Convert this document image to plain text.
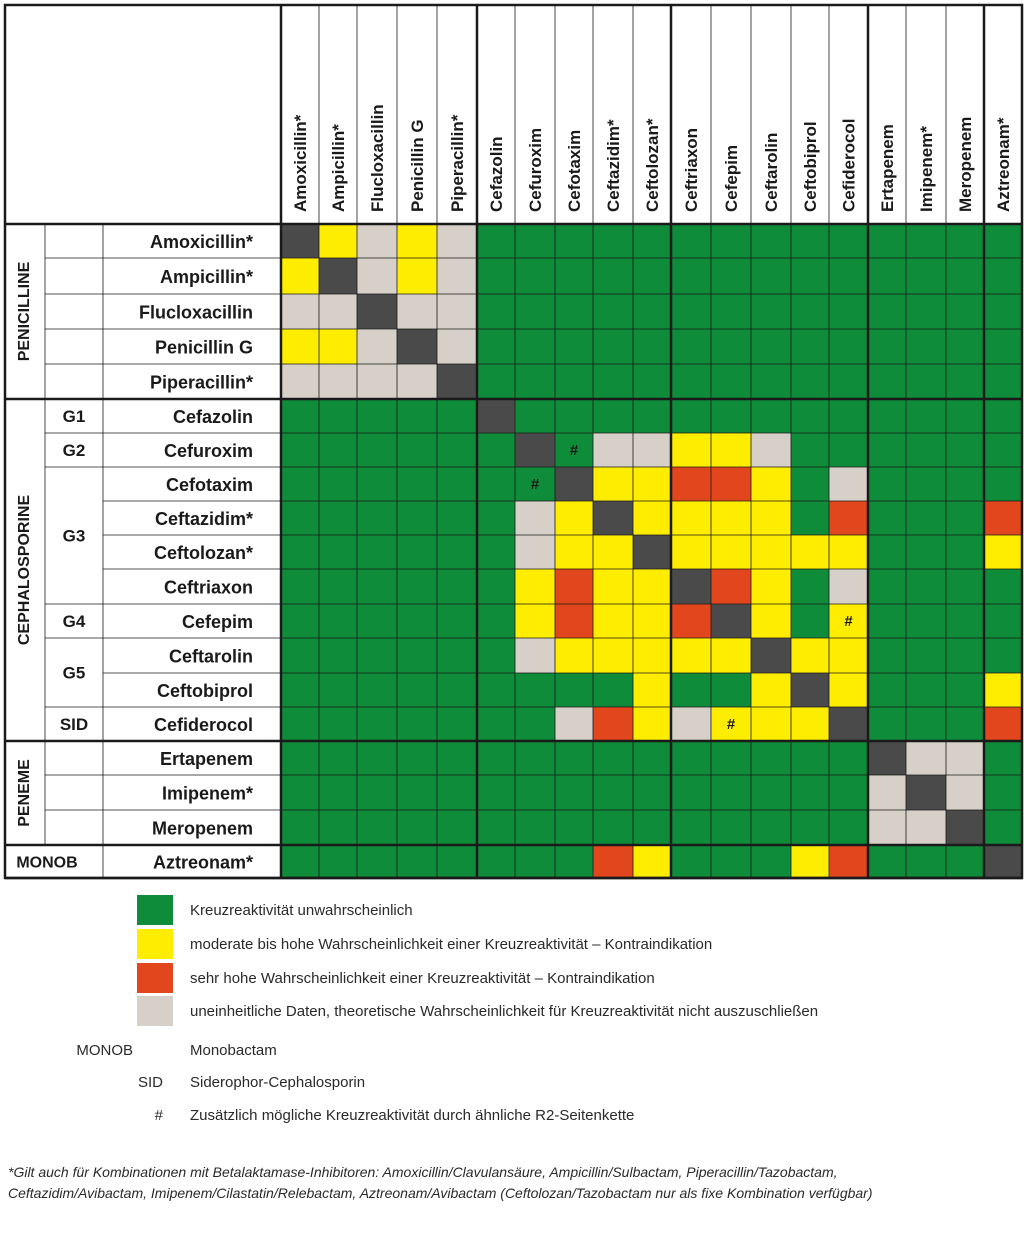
#
#
#
#
G1
G2
G3
G4
G5
SID
PENICILLINE
CEPHALOSPORINE
PENEME
MONOB
Amoxicillin* Ampicillin* Flucloxacillin Penicillin G Piperacillin* Cefazolin Cefuroxim Cefotaxim Ceftazidim* Ceftolozan* Ceftriaxon Cefepim Ceftarolin Ceftobiprol Cefiderocol Ertapenem Imipenem* Meropenem Aztreonam*
Amoxicillin*
Ampicillin*
Flucloxacillin
Penicillin G
Piperacillin*
Cefazolin
Cefuroxim
Cefotaxim
Ceftazidim*
Ceftolozan*
Ceftriaxon
Cefepim
Ceftarolin
Ceftobiprol
Cefiderocol
Ertapenem
Imipenem*
Meropenem
Aztreonam*
Kreuzreaktivität unwahrscheinlich
moderate bis hohe Wahrscheinlichkeit einer Kreuzreaktivität – Kontraindikation
sehr hohe Wahrscheinlichkeit einer Kreuzreaktivität – Kontraindikation
uneinheitliche Daten, theoretische Wahrscheinlichkeit für Kreuzreaktivität nicht auszuschließen
MONOB	Monobactam
SID Siderophor-Cephalosporin
# Zusätzlich mögliche Kreuzreaktivität durch ähnliche R2-Seitenkette
*Gilt auch für Kombinationen mit Betalaktamase-Inhibitoren: Amoxicillin/Clavulansäure, Ampicillin/Sulbactam, Piperacillin/Tazobactam,
Ceftazidim/Avibactam, Imipenem/Cilastatin/Relebactam, Aztreonam/Avibactam (Ceftolozan/Tazobactam nur als fixe Kombination verfügbar)
